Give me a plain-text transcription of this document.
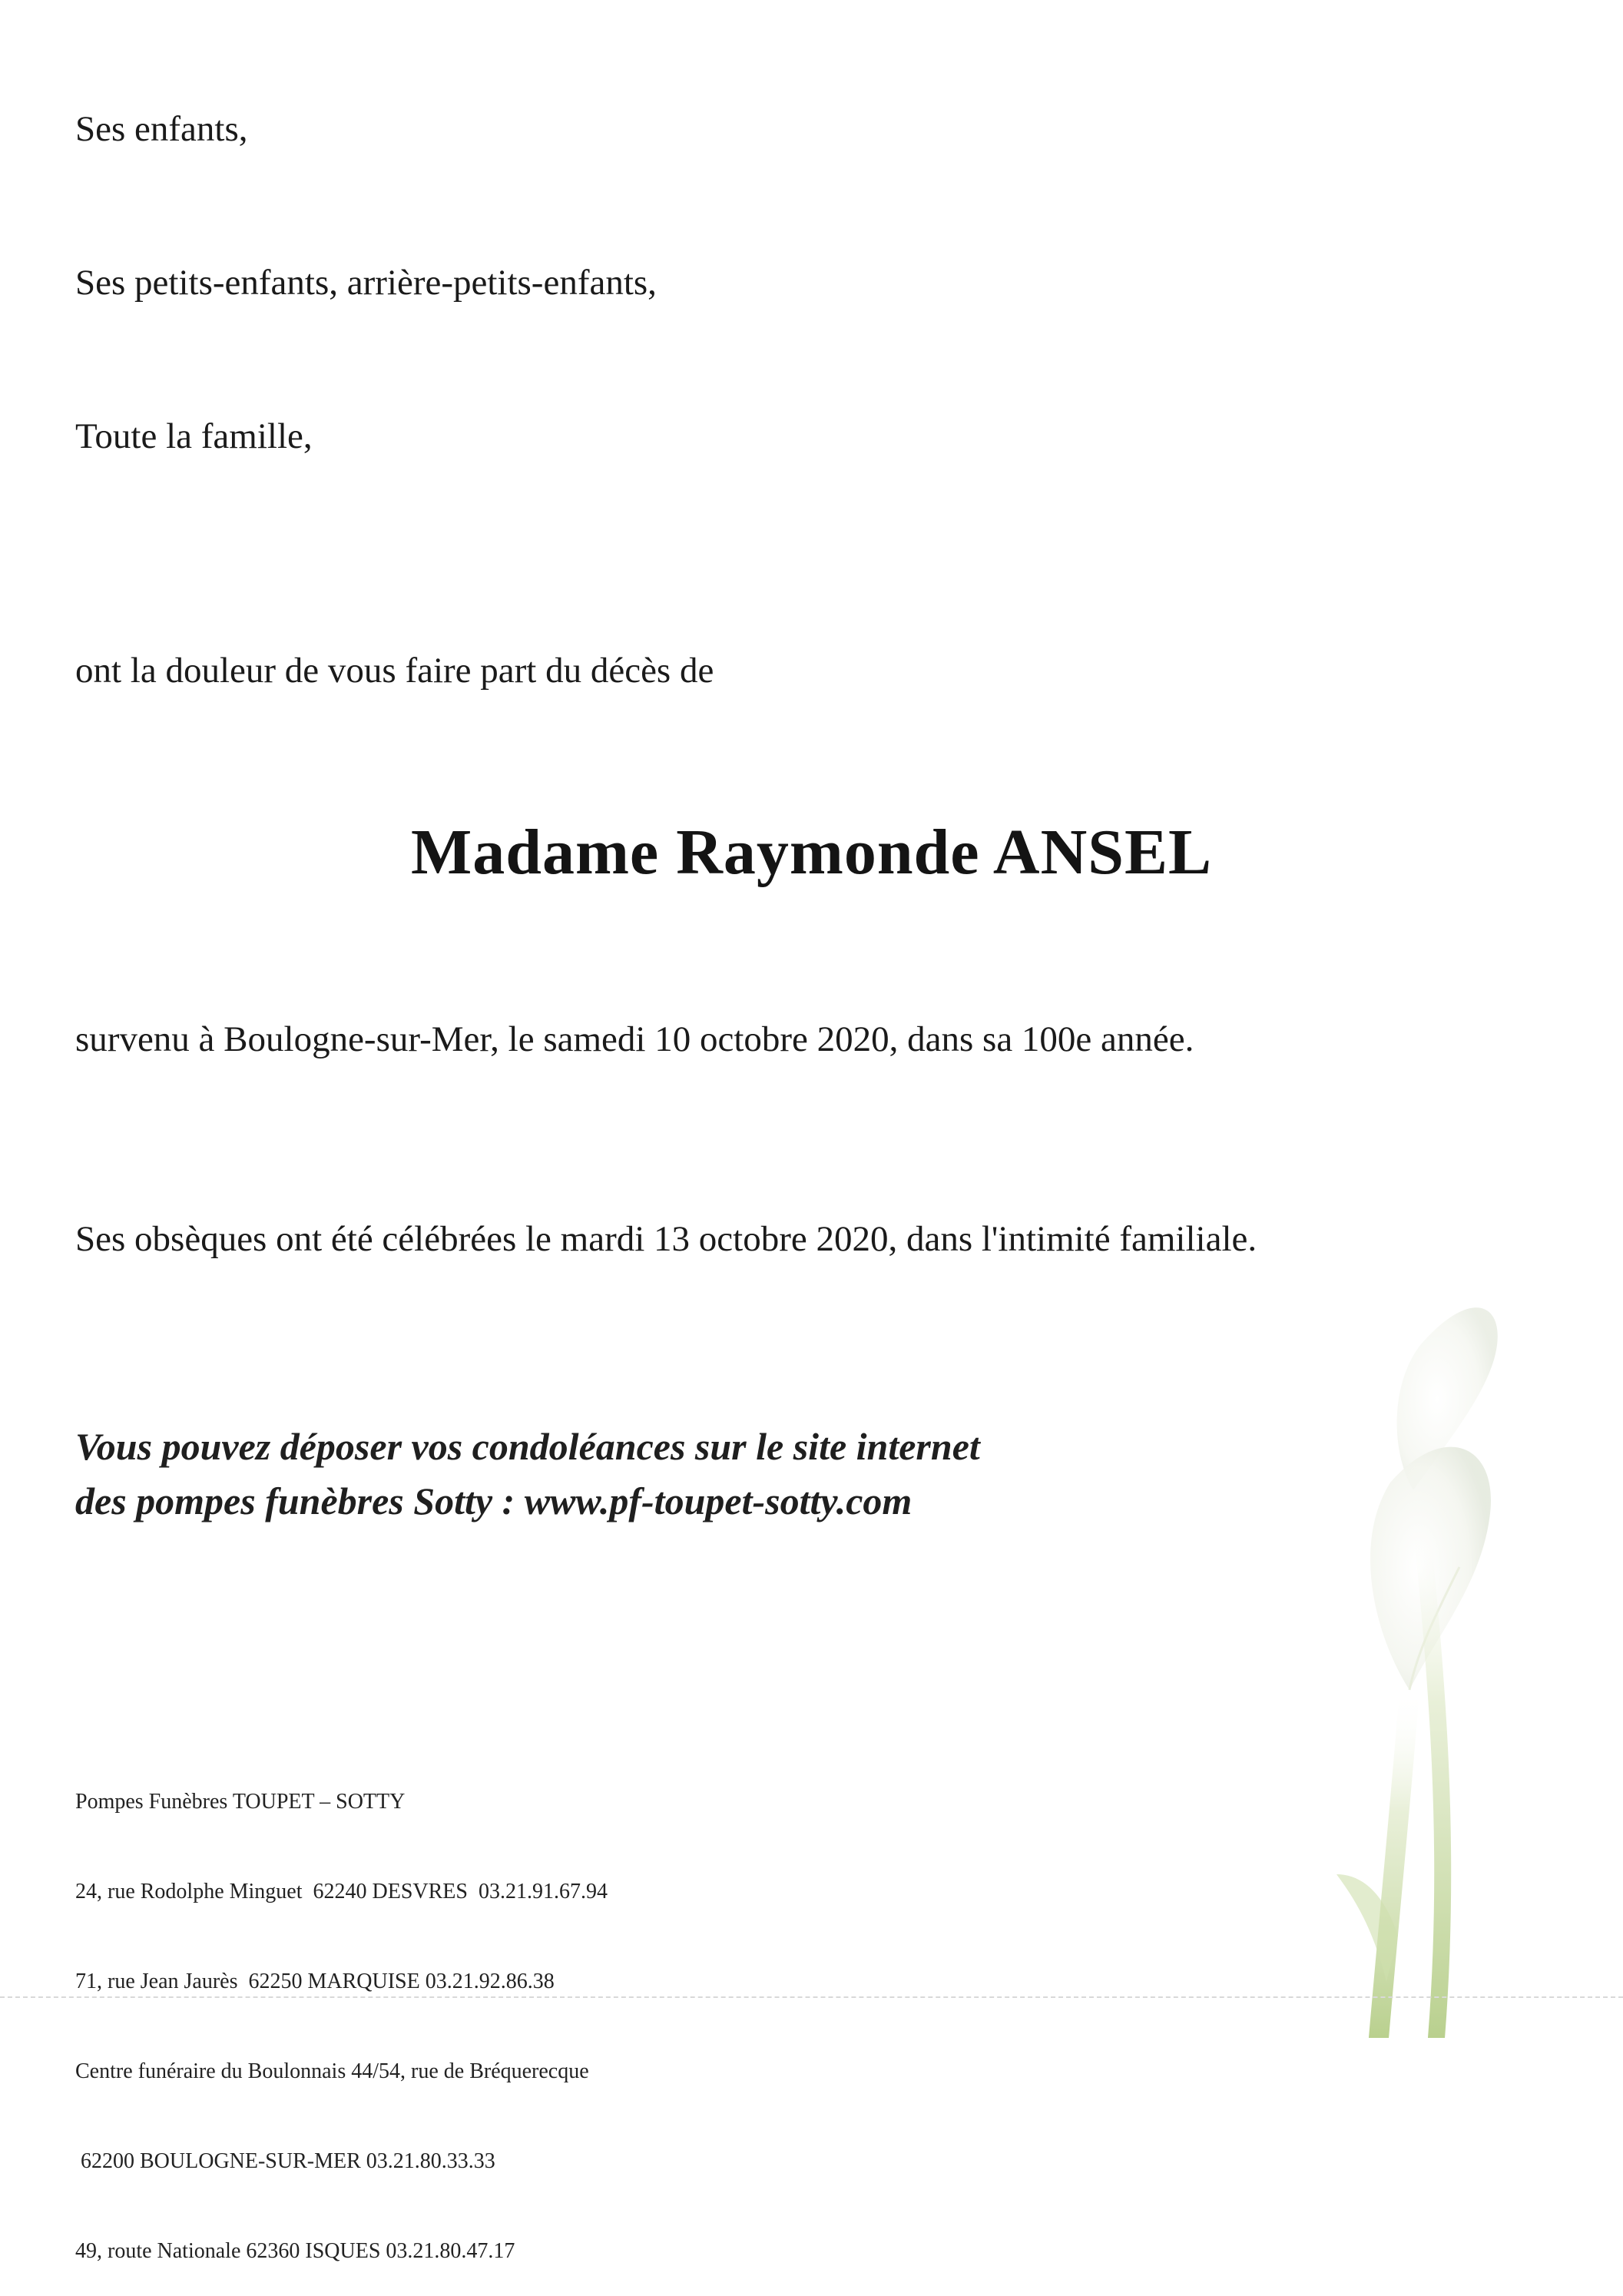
Ses enfants,

Ses petits-enfants, arrière-petits-enfants,

Toute la famille,

ont la douleur de vous faire part du décès de

Madame Raymonde ANSEL

survenu à Boulogne-sur-Mer, le samedi 10 octobre 2020, dans sa 100e année.

Ses obsèques ont été célébrées le mardi 13 octobre 2020, dans l'intimité familiale.

Vous pouvez déposer vos condoléances sur le site internet
des pompes funèbres Sotty : www.pf-toupet-sotty.com

Pompes Funèbres TOUPET – SOTTY

24, rue Rodolphe Minguet  62240 DESVRES  03.21.91.67.94

71, rue Jean Jaurès  62250 MARQUISE 03.21.92.86.38

Centre funéraire du Boulonnais 44/54, rue de Bréquerecque

62200 BOULOGNE-SUR-MER 03.21.80.33.33

49, route Nationale 62360 ISQUES 03.21.80.47.17
